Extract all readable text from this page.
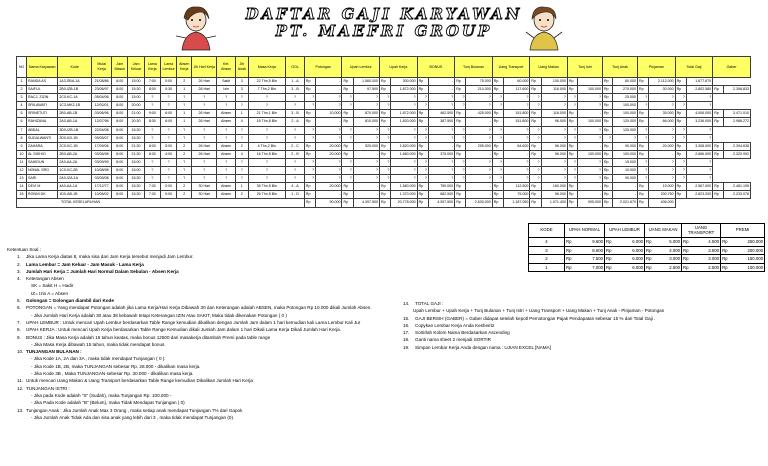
DAFTAR GAJI KARYAWAN
PT. MAEFRI GROUP
NO	Nama Karyawan	Kode	Mulai Kerja	Jam Masuk	Jam Keluar	Lama Kerja	Lama Lembur	Absen Kerja	Jlh Hari Kerja	Ket. Absen	Jlh Anak	Masa Kerja	GOL	Potongan		Upah Lembur		Upah Kerja		BONUS		Tunj Bulanan		Uang Transport		Uang Makan		Tunj Istri		Tunj Anak		Pinjaman		Total Gaji		Gaber	
1	RANDA AS	1A3-SBA-1A	21/08/86	8:00	15:00	7:00	0:00	2	26 Hari	Sakit	3	22 Thn,5 Bln	1 - A	Rp	-	Rp	1.560.000	Rp	300.000	Rp	-	Rp	75.000	Rp	60.000	Rp	100.000	Rp	-	Rp	60.000	Rp	2.112.000	Rp	1.677.670		
2	SAIFUL	2B0-IZB-1B	23/06/97	8:00	15:30	8:00	0:30	1	28 Hari	Izin	3	7 Thn,2 Bln	3 - B	Rp	-	Rp	97.500	Rp	1.872.000	Rp	-	Rp	210.000	Rp	117.600	Rp	116.000	Rp	100.000	Rp	270.000	Rp	30.000	Rp	2.802.580	Rp	2.398.833
3	RACJ, ZIZIN	2C0-KC-1A	05/04/06	8:00	15:00	?	?	?	?	?	?	?	?	?	?	?	?	?	?	?	?	?	?	?	?	?	?	?	?	Rp	25.000	?	?	?	?		
4	SRILAWATI	1C3-MK2-1B	12/02/01	8:00	20:00	?	?	?	?	?	?	?	?	?	?	?	?	?	?	?	?	?	?	?	?	?	?	?	?	Rp	100.000	?	?	?	?		
5	SRINETUTI	2B0-AB-1B	03/06/96	8:00	21:00	9:00	6:00	1	26 Hari	Absen	1	21 Thn,1 Bln	3 - B	Rp	10.000	Rp	870.000	Rp	1.872.000	Rp	462.500	Rp	425.000	Rp	151.800	Rp	116.000	Rp	-	Rp	100.000	Rp	35.000	Rp	4.006.000	Rp	3.471.010
6	RAHIZANA	2A0-AB-1A	12/07/96	8:00	20:30	8:30	6:00	1	26 Hari	Absen	4	16 Thn,8 Bln	2 - A	Rp	-	Rp	810.000	Rp	1.820.000	Rp	387.500	Rp	-	Rp	151.800	Rp	96.000	Rp	100.000	Rp	120.000	Rp	66.000	Rp	3.236.000	Rp	2.988.272
7	ABDAL	3D0-IZB-1B	22/04/08	8:00	15:30	?	?	?	?	?	?	?	?	?	?	?	?	?	?	?	?	?	?	?	?	?	?	?	?	Rp	125.000	?	?	?	?		
8	SUDALWANTI	2D0-KD-1B	09/05/07	8:00	15:30	?	?	?	?	?	?	?	?	?	?	?	?	?	?	?	?	?	?	?	?	?	?	?	?	?	?	?	?	?	?		
9	ZAHARA	2C0-KC-1B	17/09/06	8:00	21:30	8:00	5:00	2	26 Hari	Absen	2	4 Thn,2 Bln	2 - C	Rp	20.000	Rp	525.000	Rp	1.820.000	Rp	-	Rp	295.000	Rp	84.600	Rp	96.000	Rp	-	Rp	90.000	Rp	20.000	Rp	3.308.000	Rp	2.394.638
10	AL SIDHIO	2B0-AB-2A	03/06/98	8:00	21:30	8:30	4:00	2	26 Hari	Absen	4	16 Thn,5 Bln	2 - B	Rp	20.000	Rp	-	Rp	1.660.000	Rp	375.000	Rp	-	Rp	-	Rp	96.000	Rp	100.000	Rp	100.000	Rp	-	Rp	2.666.000	Rp	2.320.992
11	SAHIDUN	2A0-AA-2A	03/09/99	8:00	15:00	?	?	?	?	?	?	?	?	?	?	?	?	?	?	?	?	?	?	?	?	?	?	?	?	Rp	15.000	?	?	?	?		
12	NONAL SRG	1C0-KC-2B	10/08/98	8:00	15:00	?	?	?	?	?	?	?	?	?	?	?	?	?	?	?	?	?	?	?	?	?	?	?	?	Rp	10.000	?	?	?	?		
13	SARI	2A0-IZA-1A	03/05/08	8:00	15:30	?	?	?	?	?	?	?	?	?	?	?	?	?	?	?	?	?	?	?	?	?	?	?	?	Rp	90.000	?	?	?	?		
14	DEVI M	4A0-AA-1A	17/12/77	8:00	15:30	7:30	0:00	2	30 Hari	Absen	1	35 Thn,5 Bln	4 - A	Rp	20.000	Rp	-	Rp	1.560.000	Rp	750.000	Rp	-	Rp	112.500	Rp	160.000	Rp	-	Rp	-	Rp	15.000	Rp	2.567.000	Rp	2.481.195
15	RONNI DK	1D0-AB-1B	10/06/02	8:00	15:30	7:30	0:00	2	30 Hari	Absen	2	26 Thn,5 Bln	1 - D	Rp	-	Rp	-	Rp	1.370.000	Rp	682.500	Rp	-	Rp	75.000	Rp	96.000	Rp	-	Rp	-	Rp	200.750	Rp	2.823.200	Rp	2.233.078
TOTAL KESELURUHAN														Rp	90.000	Rp	4.397.500	Rp	20.778.000	Rp	4.397.500	Rp	2.630.000	Rp	1.187.050	Rp	1.971.400	Rp	905.000	Rp	2.021.670	Rp	406.000				
KODE	UPAH NORMAL		UPAH LEMBUR		UANG MAKAN		UANG TRANSPORT		PREMI	
4	Rp	9.600	Rp	6.000	Rp	5.000	Rp	4.500	Rp	250.000
3	Rp	8.600	Rp	6.000	Rp	4.000	Rp	3.500	Rp	200.000
2	Rp	7.500	Rp	6.000	Rp	3.000	Rp	3.000	Rp	150.000
1	Rp	7.000	Rp	6.000	Rp	2.500	Rp	2.500	Rp	100.000
Ketentuan Soal :
1. Jika Lama Kerja diatas 8, maka sisa dari Jam Kerja tersebut menjadi Jam Lembur.
2. Lama Lembur = Jam Keluar - Jam Masuk - Lama Kerja
3. Jumlah Hari Kerja = Jumlah Hari Normal Dalam Sebulan - Absen Kerja
4. Keterangan Absen
SK = Sakit H = Hadir
IZ= Izin A = Absen
5. Golongan = Golongan diambil dari Kode
6. POTONGAN = Yang mendapat Potongan adalah jika Lama Kerja/Hari Kerja Dibawah 30 dan Keterangan adalah ABSEN, maka Potongan Rp 10.000 dikali Jumlah Absen.
- Jika Jumlah Hari Kerja adalah 30 atau 38 kebawah tetapi Keterangan IZIN Atau SAKIT, Maka tidak dikenakan Potongan ( 0 )
7. UPAH LEMBUR : Untuk mencari Upah Lembur berdasarkan Table Range kemudian dikalikan dengan Jumlah Jam dalam 1 hari kemudian kali Lama Lembur Kali Jur
8. UPAH KERJA : Untuk mencari Upah Kerja berdasarkan Table Range Kemudian dikali Jumlah Jam dalam 1 hari Dikali Lama Kerja Dikali Jumlah Hari Kerja.
9. BONUS : Jika Masa Kerja adalah 15 tahun keatas, maka bonus 12500 dari masakerja ditambah Premi pada table range
- Jika Masa Kerja dibawah 15 tahun, maka tidak mendapat bonus.
10. TUNJANGAN BULANAN :
- Jika Kode 1A, 2A dan 3A , maka tidak mendapat Tunjangan ( 0 ).
- Jika Kode 1B, 2B, maka TUNJANGAN sebesar Rp. 28.000 - dikalikan masa kerja.
- Jika Kode 3B , Maka TUNJANGAN sebesar Rp. 30.000 - dikalikan masa kerja.
11. Untuk mencari Uang Makan & Uang Transport berdasarkan Table Range kemudian Dikalikan Jumlah Hari Kerja
12. TUNJANGAN ISTRI :
- Jika pada Kode adalah "S" (Sudah), maka Tunjangan Rp. 100.000 -
- Jika Pada Kode adalah "B" (Belum), maka Tidak Mendapat Tunjangan ( 0)
13. Tunjangan Anak : Jika Jumlah Anak Max 3 Orang , maka setiap anak mendapat Tunjangan 7% dari Gapok
- Jika Jumlah Anak Tidak Ada dan sisa anak yang lebih dari 3 , maka tidak mendapat Tunjangan (0).
14. TOTAL GAJI :
Upah Lembur + Upah Kerja + Tunj Bulanan + Tunj Istri + Uang Transport + Uang Makan + Tunj Anak - Pinjaman - Potongan
15. GAJI BERSIH (GABER) = Gaber didapat setelah kepotl Pemotongan Pajak Pendapatan sebesar 15 % dari Total Gaji .
16. Copykan Lembar Kerja Anda Kesheet2
17. Sortirlah Kolom Nama Berdasarkan Ascending
18. Ganti nama sheet 2 menjadi SORTIR
19. Simpan Lembar Kerja Anda dengan nama : UJIAN EXCEL [NAMA]
